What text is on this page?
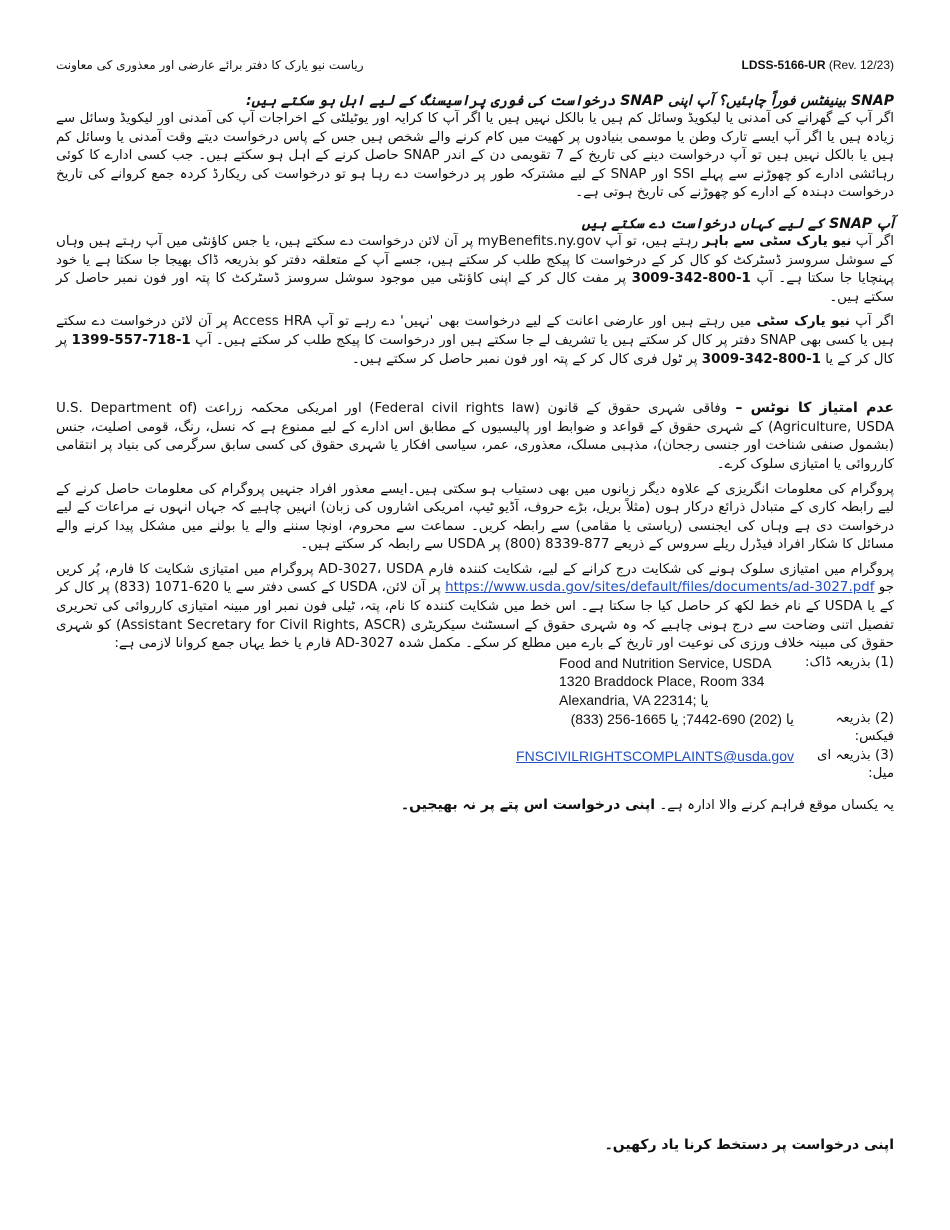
ریاست نیو یارک کا دفتر برائے عارضی اور معذوری کی معاونت	LDSS-5166-UR (Rev. 12/23)

SNAP بینیفٹس فوراً چاہئیں؟ آپ اپنی SNAP درخواست کی فوری پراسیسنگ کے لیے اہل ہو سکتے ہیں:

اگر آپ کے گھرانے کی آمدنی یا لیکویڈ وسائل کم ہیں یا بالکل نہیں ہیں یا اگر آپ کا کرایہ اور یوٹیلٹی کے اخراجات آپ کی آمدنی اور لیکویڈ وسائل سے زیادہ ہیں یا اگر آپ ایسے تارک وطن یا موسمی بنیادوں پر کھیت میں کام کرنے والے شخص ہیں جس کے پاس درخواست دیتے وقت آمدنی یا وسائل کم ہیں یا بالکل نہیں ہیں تو آپ درخواست دینے کی تاریخ کے 7 تقویمی دن کے اندر SNAP حاصل کرنے کے اہل ہو سکتے ہیں۔ جب کسی ادارے کا کوئی رہائشی ادارے کو چھوڑنے سے پہلے SSI اور SNAP کے لیے مشترکہ طور پر درخواست دے رہا ہو تو درخواست کی ریکارڈ کردہ جمع کروانے کی تاریخ درخواست دہندہ کے ادارے کو چھوڑنے کی تاریخ ہوتی ہے۔

آپ SNAP کے لیے کہاں درخواست دے سکتے ہیں

اگر آپ نیو یارک سٹی سے باہر رہتے ہیں، تو آپ myBenefits.ny.gov پر آن لائن درخواست دے سکتے ہیں، یا جس کاؤنٹی میں آپ رہتے ہیں وہاں کے سوشل سروسز ڈسٹرکٹ کو کال کر کے درخواست کا پیکج طلب کر سکتے ہیں، جسے آپ کے متعلقہ دفتر کو بذریعہ ڈاک بھیجا جا سکتا ہے یا خود پہنچایا جا سکتا ہے۔ آپ 1-800-342-3009 پر مفت کال کر کے اپنی کاؤنٹی میں موجود سوشل سروسز ڈسٹرکٹ کا پتہ اور فون نمبر حاصل کر سکتے ہیں۔

اگر آپ نیو یارک سٹی میں رہتے ہیں اور عارضی اعانت کے لیے درخواست بھی 'نہیں' دے رہے تو آپ Access HRA پر آن لائن درخواست دے سکتے ہیں یا کسی بھی SNAP دفتر پر کال کر سکتے ہیں یا تشریف لے جا سکتے ہیں اور درخواست کا پیکج طلب کر سکتے ہیں۔ آپ 1-718-557-1399 پر کال کر کے یا 1-800-342-3009 پر ٹول فری کال کر کے پتہ اور فون نمبر حاصل کر سکتے ہیں۔

عدم امتیاز کا نوٹس – وفاقی شہری حقوق کے قانون (Federal civil rights law) اور امریکی محکمہ زراعت (U.S. Department of Agriculture, USDA) کے شہری حقوق کے قواعد و ضوابط اور پالیسیوں کے مطابق اس ادارے کے لیے ممنوع ہے کہ نسل، رنگ، قومی اصلیت، جنس (بشمول صنفی شناخت اور جنسی رجحان)، مذہبی مسلک، معذوری، عمر، سیاسی افکار یا شہری حقوق کی کسی سابق سرگرمی کی بنیاد پر انتقامی کارروائی یا امتیازی سلوک کرے۔

پروگرام کی معلومات انگریزی کے علاوہ دیگر زبانوں میں بھی دستیاب ہو سکتی ہیں۔ایسے معذور افراد جنہیں پروگرام کی معلومات حاصل کرنے کے لیے رابطہ کاری کے متبادل ذرائع درکار ہوں (مثلاً بریل، بڑے حروف، آڈیو ٹیپ، امریکی اشاروں کی زبان) انہیں چاہیے کہ جہاں انہوں نے مراعات کے لیے درخواست دی ہے وہاں کی ایجنسی (ریاستی یا مقامی) سے رابطہ کریں۔ سماعت سے محروم، اونچا سننے والے یا بولنے میں مشکل پیدا کرنے والے مسائل کا شکار افراد فیڈرل ریلے سروس کے ذریعے 877-8339 (800) پر USDA سے رابطہ کر سکتے ہیں۔

پروگرام میں امتیازی سلوک ہونے کی شکایت درج کرانے کے لیے، شکایت کنندہ فارم AD-3027، USDA پروگرام میں امتیازی شکایت کا فارم، پُر کریں جو https://www.usda.gov/sites/default/files/documents/ad-3027.pdf پر آن لائن، USDA کے کسی دفتر سے یا 620-1071 (833) پر کال کر کے یا USDA کے نام خط لکھ کر حاصل کیا جا سکتا ہے۔ اس خط میں شکایت کنندہ کا نام، پتہ، ٹیلی فون نمبر اور مبینہ امتیازی کارروائی کی تحریری تفصیل اتنی وضاحت سے درج ہونی چاہیے کہ وہ شہری حقوق کے اسسٹنٹ سیکریٹری (Assistant Secretary for Civil Rights, ASCR) کو شہری حقوق کی مبینہ خلاف ورزی کی نوعیت اور تاریخ کے بارے میں مطلع کر سکے۔ مکمل شدہ AD-3027 فارم یا خط یہاں جمع کروانا لازمی ہے:

(1) بذریعہ ڈاک:
Food and Nutrition Service, USDA
1320 Braddock Place, Room 334
Alexandria, VA 22314; یا
(2) بذریعہ فیکس:
(833) 256-1665 یا (202) 690-7442; یا
(3) بذریعہ ای میل:
FNSCIVILRIGHTSCOMPLAINTS@usda.gov
یہ یکساں موقع فراہم کرنے والا ادارہ ہے۔ اپنی درخواست اس پتے پر نہ بھیجیں۔
اپنی درخواست پر دستخط کرنا یاد رکھیں۔
